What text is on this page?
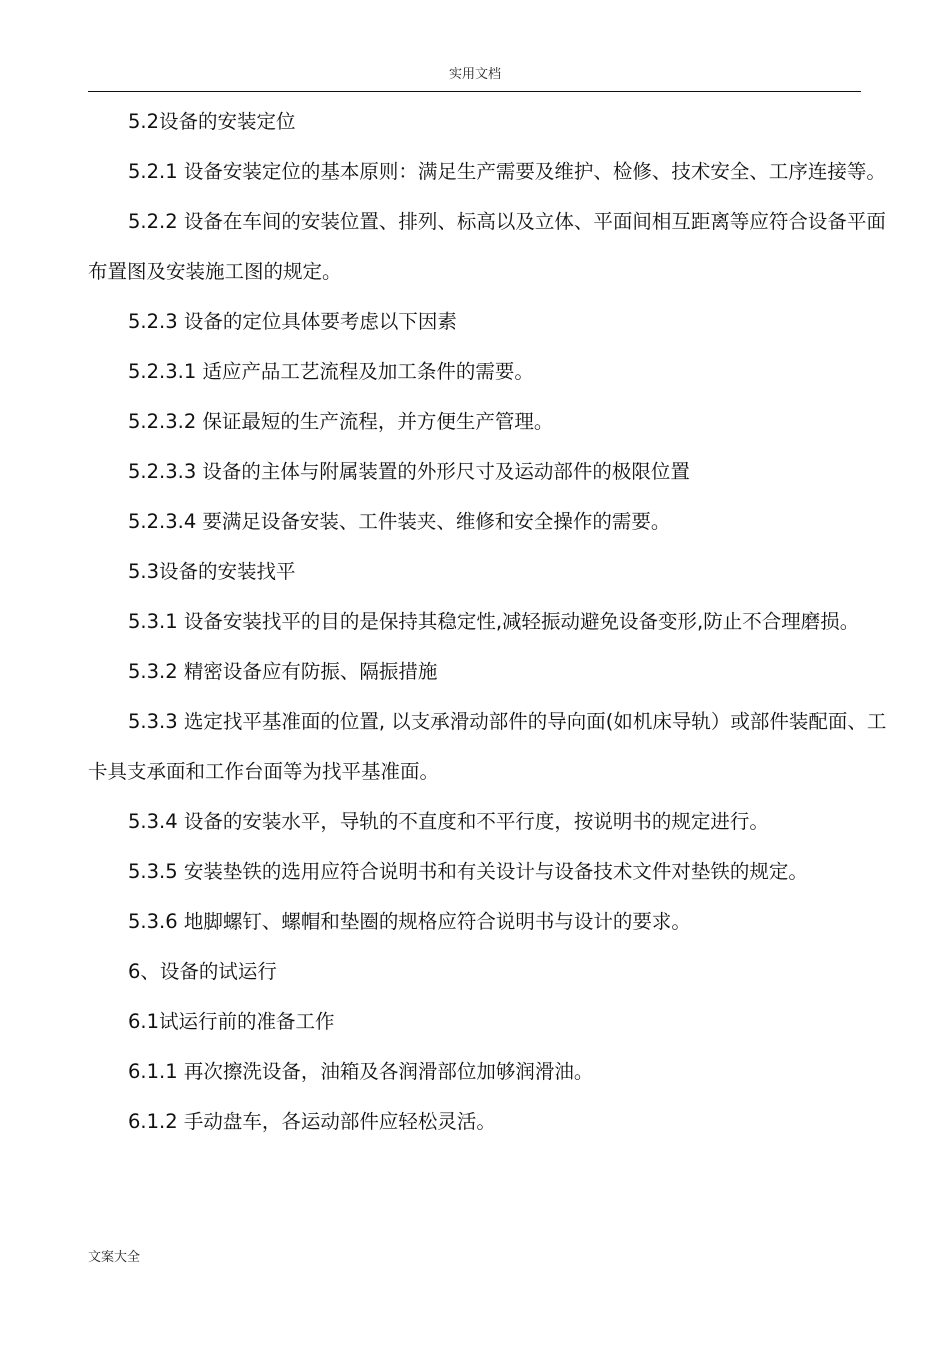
实用文档

5.2设备的安装定位

5.2.1 设备安装定位的基本原则：满足生产需要及维护、检修、技术安全、工序连接等。

5.2.2 设备在车间的安装位置、排列、标高以及立体、平面间相互距离等应符合设备平面布置图及安装施工图的规定。

5.2.3 设备的定位具体要考虑以下因素

5.2.3.1 适应产品工艺流程及加工条件的需要。

5.2.3.2 保证最短的生产流程，并方便生产管理。

5.2.3.3 设备的主体与附属装置的外形尺寸及运动部件的极限位置

5.2.3.4 要满足设备安装、工件装夹、维修和安全操作的需要。

5.3设备的安装找平

5.3.1 设备安装找平的目的是保持其稳定性,减轻振动避免设备变形,防止不合理磨损。

5.3.2 精密设备应有防振、隔振措施

5.3.3 选定找平基准面的位置, 以支承滑动部件的导向面(如机床导轨）或部件装配面、工卡具支承面和工作台面等为找平基准面。

5.3.4 设备的安装水平，导轨的不直度和不平行度，按说明书的规定进行。

5.3.5 安装垫铁的选用应符合说明书和有关设计与设备技术文件对垫铁的规定。

5.3.6 地脚螺钉、螺帽和垫圈的规格应符合说明书与设计的要求。

6、设备的试运行

6.1试运行前的准备工作

6.1.1 再次擦洗设备，油箱及各润滑部位加够润滑油。

6.1.2 手动盘车，各运动部件应轻松灵活。

文案大全
